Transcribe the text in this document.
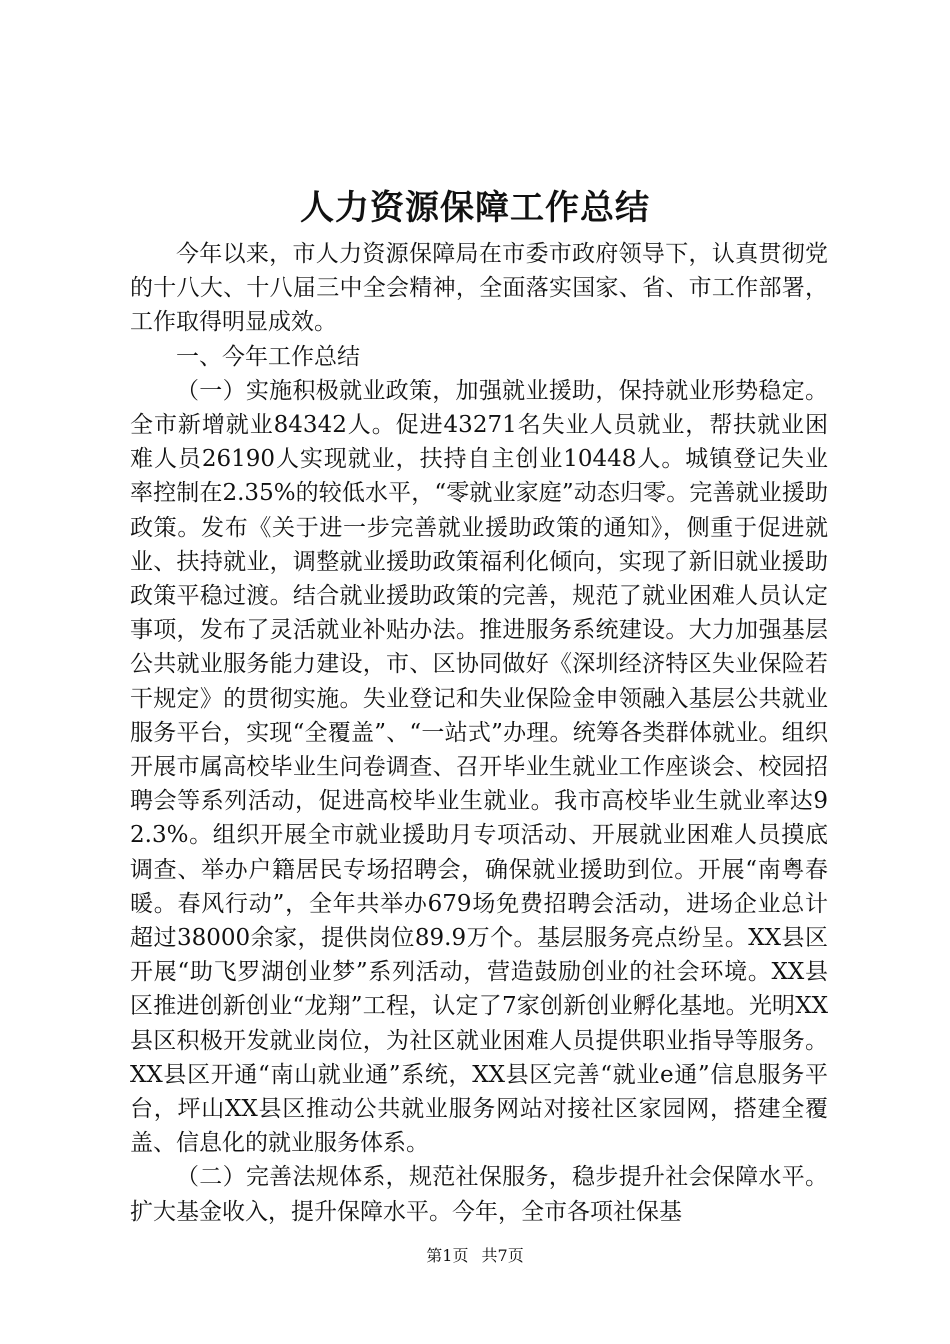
人力资源保障工作总结

今年以来，市人力资源保障局在市委市政府领导下，认真贯彻党的十八大、十八届三中全会精神，全面落实国家、省、市工作部署，工作取得明显成效。

一、今年工作总结

（一）实施积极就业政策，加强就业援助，保持就业形势稳定。全市新增就业84342人。促进43271名失业人员就业，帮扶就业困难人员26190人实现就业，扶持自主创业10448人。城镇登记失业率控制在2.35%的较低水平，“零就业家庭”动态归零。完善就业援助政策。发布《关于进一步完善就业援助政策的通知》，侧重于促进就业、扶持就业，调整就业援助政策福利化倾向，实现了新旧就业援助政策平稳过渡。结合就业援助政策的完善，规范了就业困难人员认定事项，发布了灵活就业补贴办法。推进服务系统建设。大力加强基层公共就业服务能力建设，市、区协同做好《深圳经济特区失业保险若干规定》的贯彻实施。失业登记和失业保险金申领融入基层公共就业服务平台，实现“全覆盖”、“一站式”办理。统筹各类群体就业。组织开展市属高校毕业生问卷调查、召开毕业生就业工作座谈会、校园招聘会等系列活动，促进高校毕业生就业。我市高校毕业生就业率达92.3%。组织开展全市就业援助月专项活动、开展就业困难人员摸底调查、举办户籍居民专场招聘会，确保就业援助到位。开展“南粤春暖。春风行动”，全年共举办679场免费招聘会活动，进场企业总计超过38000余家，提供岗位89.9万个。基层服务亮点纷呈。XX县区开展“助飞罗湖创业梦”系列活动，营造鼓励创业的社会环境。XX县区推进创新创业“龙翔”工程，认定了7家创新创业孵化基地。光明XX县区积极开发就业岗位，为社区就业困难人员提供职业指导等服务。XX县区开通“南山就业通”系统，XX县区完善“就业e通”信息服务平台，坪山XX县区推动公共就业服务网站对接社区家园网，搭建全覆盖、信息化的就业服务体系。

（二）完善法规体系，规范社保服务，稳步提升社会保障水平。扩大基金收入，提升保障水平。今年，全市各项社保基

第1页 共7页
